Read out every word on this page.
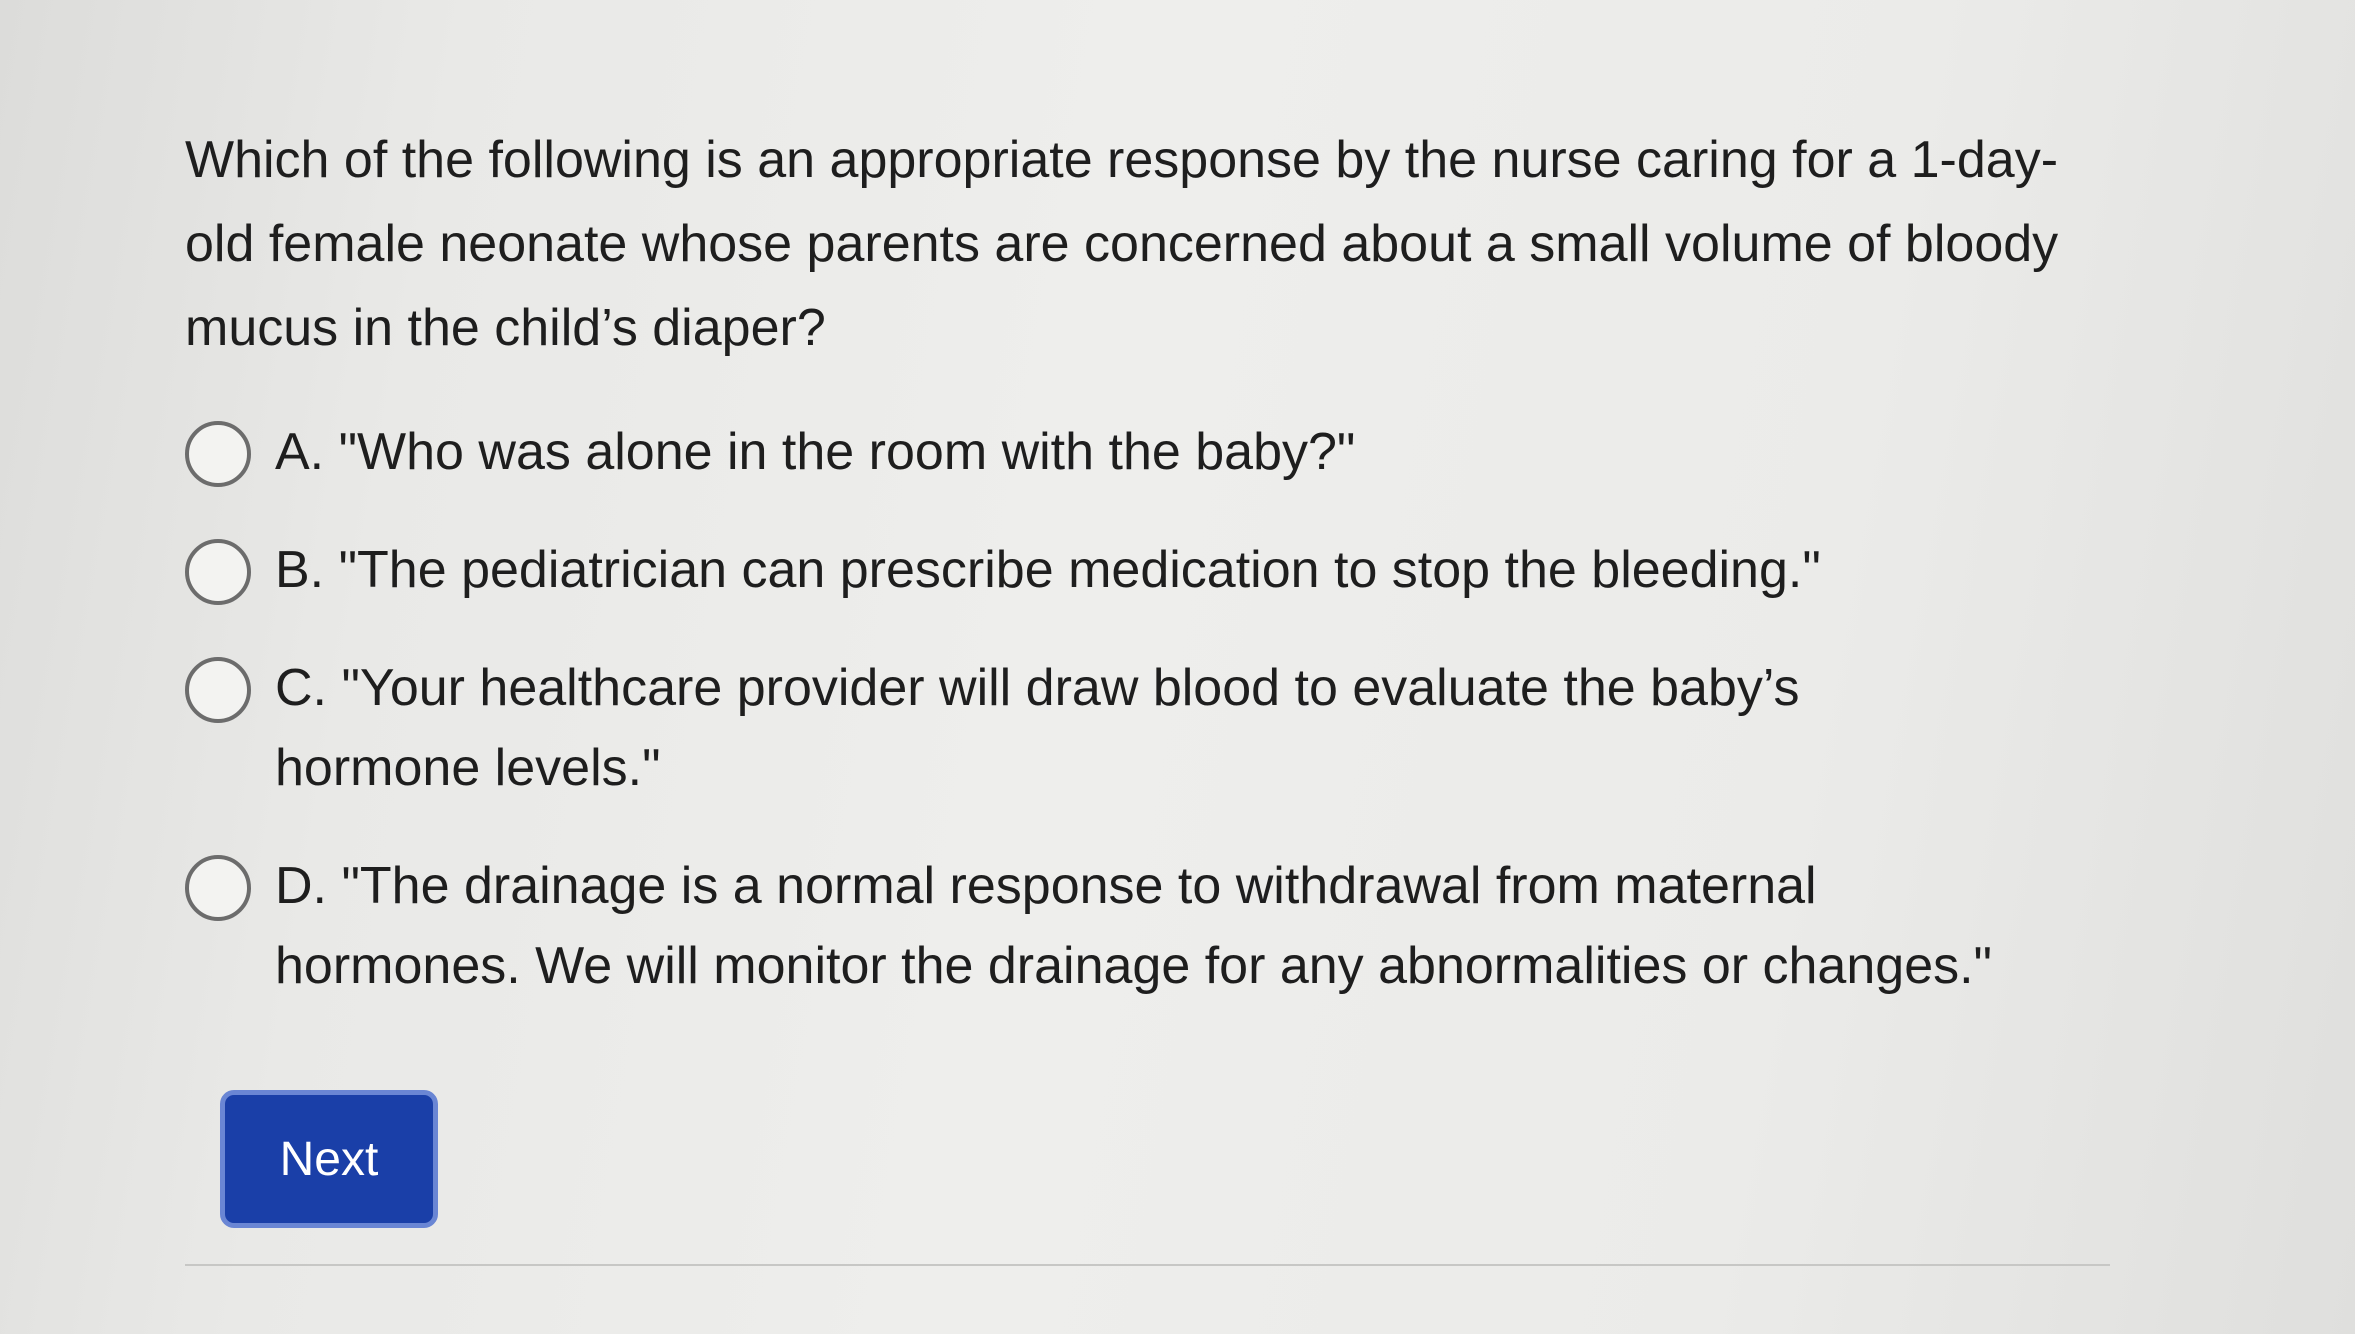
Which of the following is an appropriate response by the nurse caring for a 1-day-old female neonate whose parents are concerned about a small volume of bloody mucus in the child’s diaper?

A. "Who was alone in the room with the baby?"
B. "The pediatrician can prescribe medication to stop the bleeding."
C. "Your healthcare provider will draw blood to evaluate the baby’s hormone levels."
D. "The drainage is a normal response to withdrawal from maternal hormones. We will monitor the drainage for any abnormalities or changes."
Next
